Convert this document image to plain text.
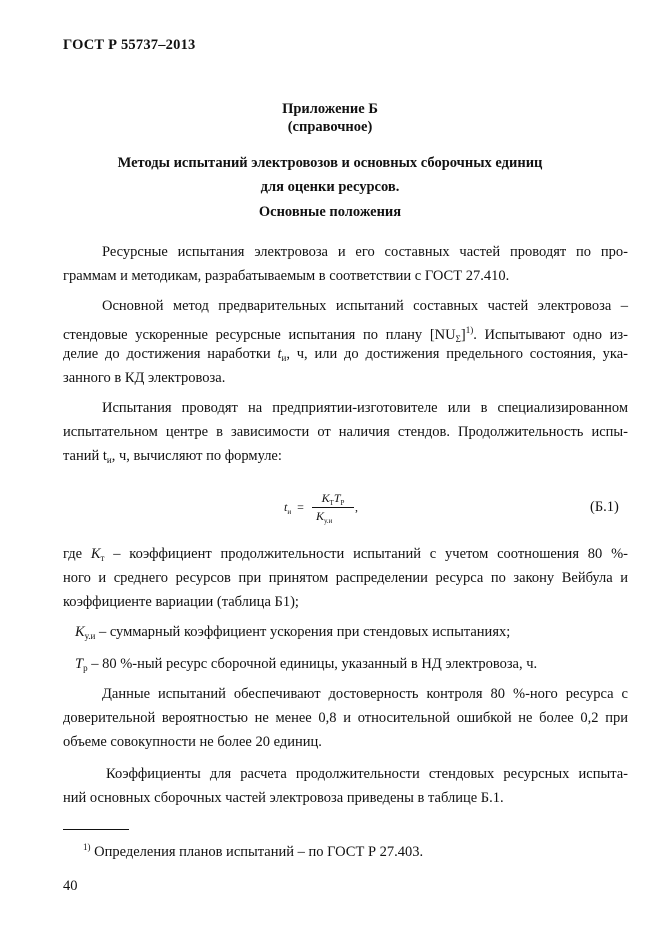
ГОСТ Р 55737–2013
Приложение Б
(справочное)
Методы испытаний электровозов и основных сборочных единиц
для оценки ресурсов.
Основные положения
Ресурсные испытания электровоза и его составных частей проводят по про-
граммам и методикам, разрабатываемым в соответствии с ГОСТ 27.410.
Основной метод предварительных испытаний составных частей электровоза –
стендовые ускоренные ресурсные испытания по плану $[NU_\Sigma]^{1)}$. Испытывают одно из-
делие до достижения наработки $t_и$, ч, или до достижения предельного состояния, ука-
занного в КД электровоза.
Испытания проводят на предприятии-изготовителе или в специализированном
испытательном центре в зависимости от наличия стендов. Продолжительность испы-
таний $t_и$, ч, вычисляют по формуле:
$t_и$ =
$К_ТТ_Р$
$К_{у.и}$
,	(Б.1)
где $К_т$ – коэффициент продолжительности испытаний с учетом соотношения 80 %-
ного и среднего ресурсов при принятом распределении ресурса по закону Вейбула и
коэффициенте вариации (таблица Б1);
$К_{у.и}$ – суммарный коэффициент ускорения при стендовых испытаниях;
$Т_р - 80$ %-ный ресурс сборочной единицы, указанный в НД электровоза, ч.
Данные испытаний обеспечивают достоверность контроля 80 %-ного ресурса с
доверительной вероятностью не менее 0,8 и относительной ошибкой не более 0,2 при
объеме совокупности не более 20 единиц.
Коэффициенты для расчета продолжительности стендовых ресурсных испыта-
ний основных сборочных частей электровоза приведены в таблице Б.1.
$^{1)}$ Определения планов испытаний – по ГОСТ Р 27.403.
40
